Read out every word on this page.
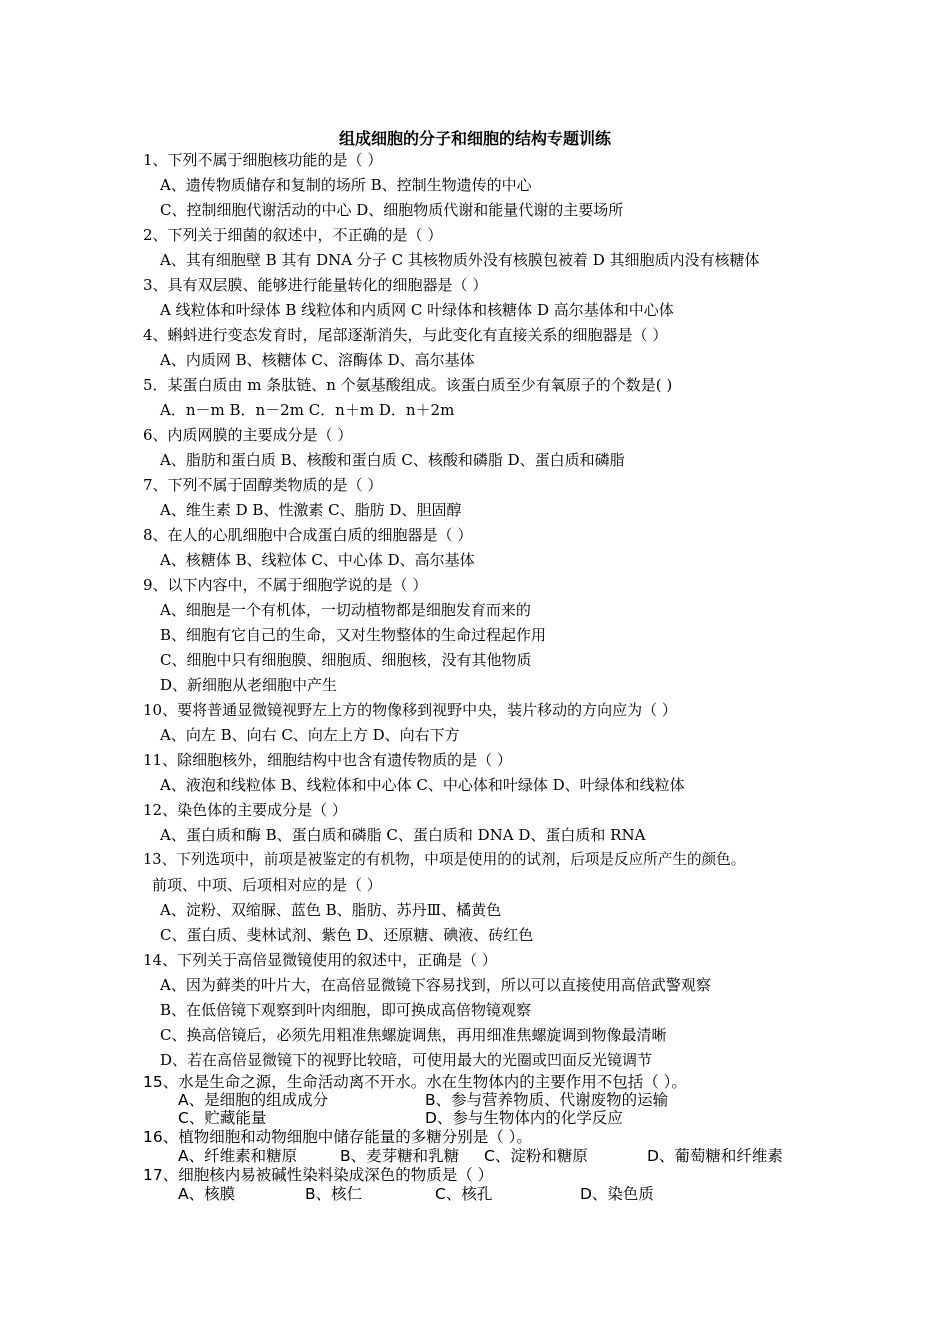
组成细胞的分子和细胞的结构专题训练
1、下列不属于细胞核功能的是（ ）
A、遗传物质储存和复制的场所 B、控制生物遗传的中心
C、控制细胞代谢活动的中心 D、细胞物质代谢和能量代谢的主要场所
2、下列关于细菌的叙述中，不正确的是（ ）
A、其有细胞壁 B 其有 DNA 分子 C 其核物质外没有核膜包被着 D 其细胞质内没有核糖体
3、具有双层膜、能够进行能量转化的细胞器是（ ）
A 线粒体和叶绿体 B 线粒体和内质网 C 叶绿体和核糖体 D 高尔基体和中心体
4、蝌蚪进行变态发育时，尾部逐渐消失，与此变化有直接关系的细胞器是（ ）
A、内质网 B、核糖体 C、溶酶体 D、高尔基体
5．某蛋白质由 m 条肽链、n 个氨基酸组成。该蛋白质至少有氧原子的个数是( )
A．n－m B．n－2m C．n＋m D．n＋2m
6、内质网膜的主要成分是（ ）
A、脂肪和蛋白质 B、核酸和蛋白质 C、核酸和磷脂 D、蛋白质和磷脂
7、下列不属于固醇类物质的是（ ）
A、维生素 D B、性激素 C、脂肪 D、胆固醇
8、在人的心肌细胞中合成蛋白质的细胞器是（ ）
A、核糖体 B、线粒体 C、中心体 D、高尔基体
9、以下内容中，不属于细胞学说的是（ ）
A、细胞是一个有机体，一切动植物都是细胞发育而来的
B、细胞有它自己的生命，又对生物整体的生命过程起作用
C、细胞中只有细胞膜、细胞质、细胞核，没有其他物质
D、新细胞从老细胞中产生
10、要将普通显微镜视野左上方的物像移到视野中央，装片移动的方向应为（ ）
A、向左 B、向右 C、向左上方 D、向右下方
11、除细胞核外，细胞结构中也含有遗传物质的是（ ）
A、液泡和线粒体 B、线粒体和中心体 C、中心体和叶绿体 D、叶绿体和线粒体
12、染色体的主要成分是（ ）
A、蛋白质和酶 B、蛋白质和磷脂 C、蛋白质和 DNA D、蛋白质和 RNA
13、下列选项中，前项是被鉴定的有机物，中项是使用的的试剂，后项是反应所产生的颜色。
前项、中项、后项相对应的是（ ）
A、淀粉、双缩脲、蓝色 B、脂肪、苏丹Ⅲ、橘黄色
C、蛋白质、斐林试剂、紫色 D、还原糖、碘液、砖红色
14、下列关于高倍显微镜使用的叙述中，正确是（ ）
A、因为藓类的叶片大，在高倍显微镜下容易找到，所以可以直接使用高倍武警观察
B、在低倍镜下观察到叶肉细胞，即可换成高倍物镜观察
C、换高倍镜后，必须先用粗准焦螺旋调焦，再用细准焦螺旋调到物像最清晰
D、若在高倍显微镜下的视野比较暗，可使用最大的光圈或凹面反光镜调节
15、水是生命之源，生命活动离不开水。水在生物体内的主要作用不包括（ ）。
A、是细胞的组成成分	B、参与营养物质、代谢废物的运输
C、贮藏能量	D、参与生物体内的化学反应
16、植物细胞和动物细胞中储存能量的多糖分别是（ ）。
A、纤维素和糖原	B、麦芽糖和乳糖 C、淀粉和糖原	D、葡萄糖和纤维素
17、细胞核内易被碱性染料染成深色的物质是（ ）
A、核膜	B、核仁	C、核孔	D、染色质
